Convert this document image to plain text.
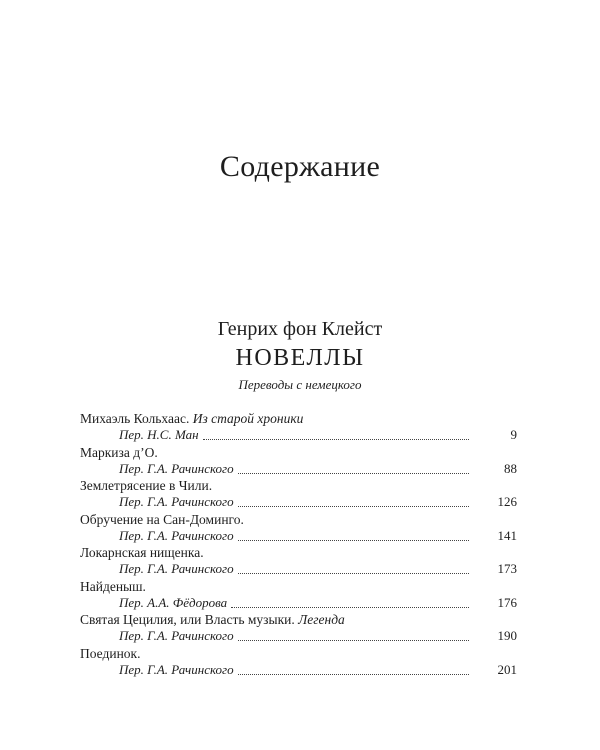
Содержание
Генрих фон Клейст
НОВЕЛЛЫ
Переводы с немецкого
Михаэль Кольхаас. Из старой хроники
Пер. Н.С. Ман	9
Маркиза д’О.
Пер. Г.А. Рачинского	88
Землетрясение в Чили.
Пер. Г.А. Рачинского	126
Обручение на Сан-Доминго.
Пер. Г.А. Рачинского	141
Локарнская нищенка.
Пер. Г.А. Рачинского	173
Найденыш.
Пер. А.А. Фёдорова	176
Святая Цецилия, или Власть музыки. Легенда
Пер. Г.А. Рачинского	190
Поединок.
Пер. Г.А. Рачинского	201
